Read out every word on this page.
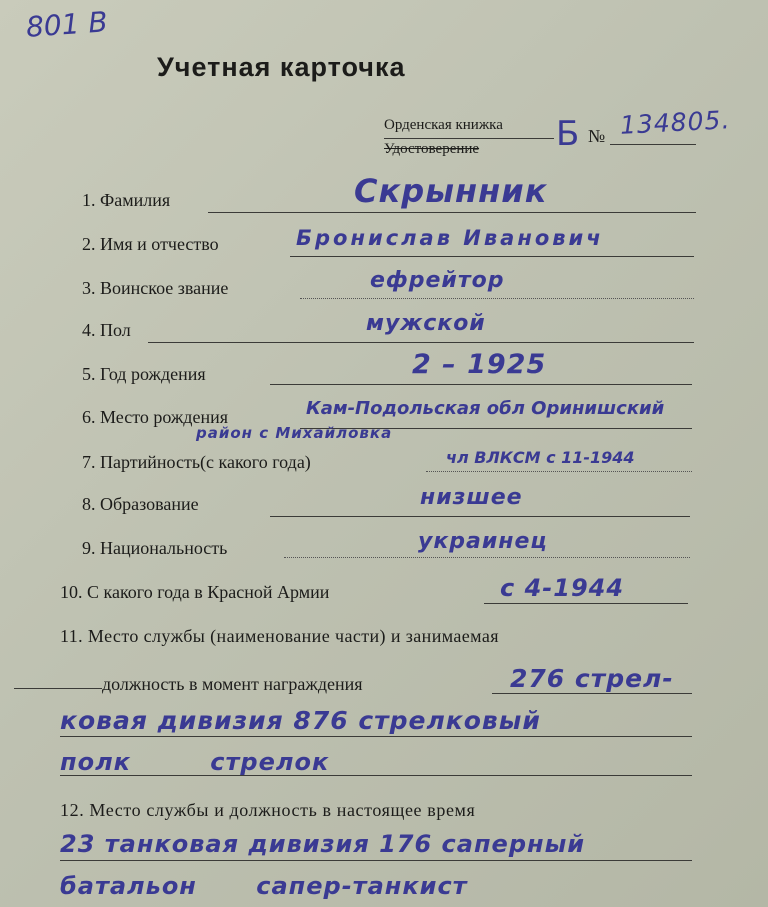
801 В
Учетная карточка
Орденская книжка
Удостоверение Б № 134805.
1. Фамилия	Скрынник
2. Имя и отчество	Брониcлав Иванович
3. Воинское звание	ефрейтор
4. Пол	мужской
5. Год рождения	2 – 1925
6. Место рождения	Кам-Подольская обл Оринишский
район с Михайловка
7. Партийность(с какого года)	чл ВЛКСМ с 11-1944
8. Образование	низшее
9. Национальность	украинец
10. С какого года в Красной Армии	с 4-1944
11. Место службы (наименование части) и занимаемая
должность в момент награждения	276 стрел-
ковая дивизия 876 стрелковый
полк стрелок
12. Место службы и должность в настоящее время
23 танковая дивизия 176 саперный
батальон сапер-танкист
